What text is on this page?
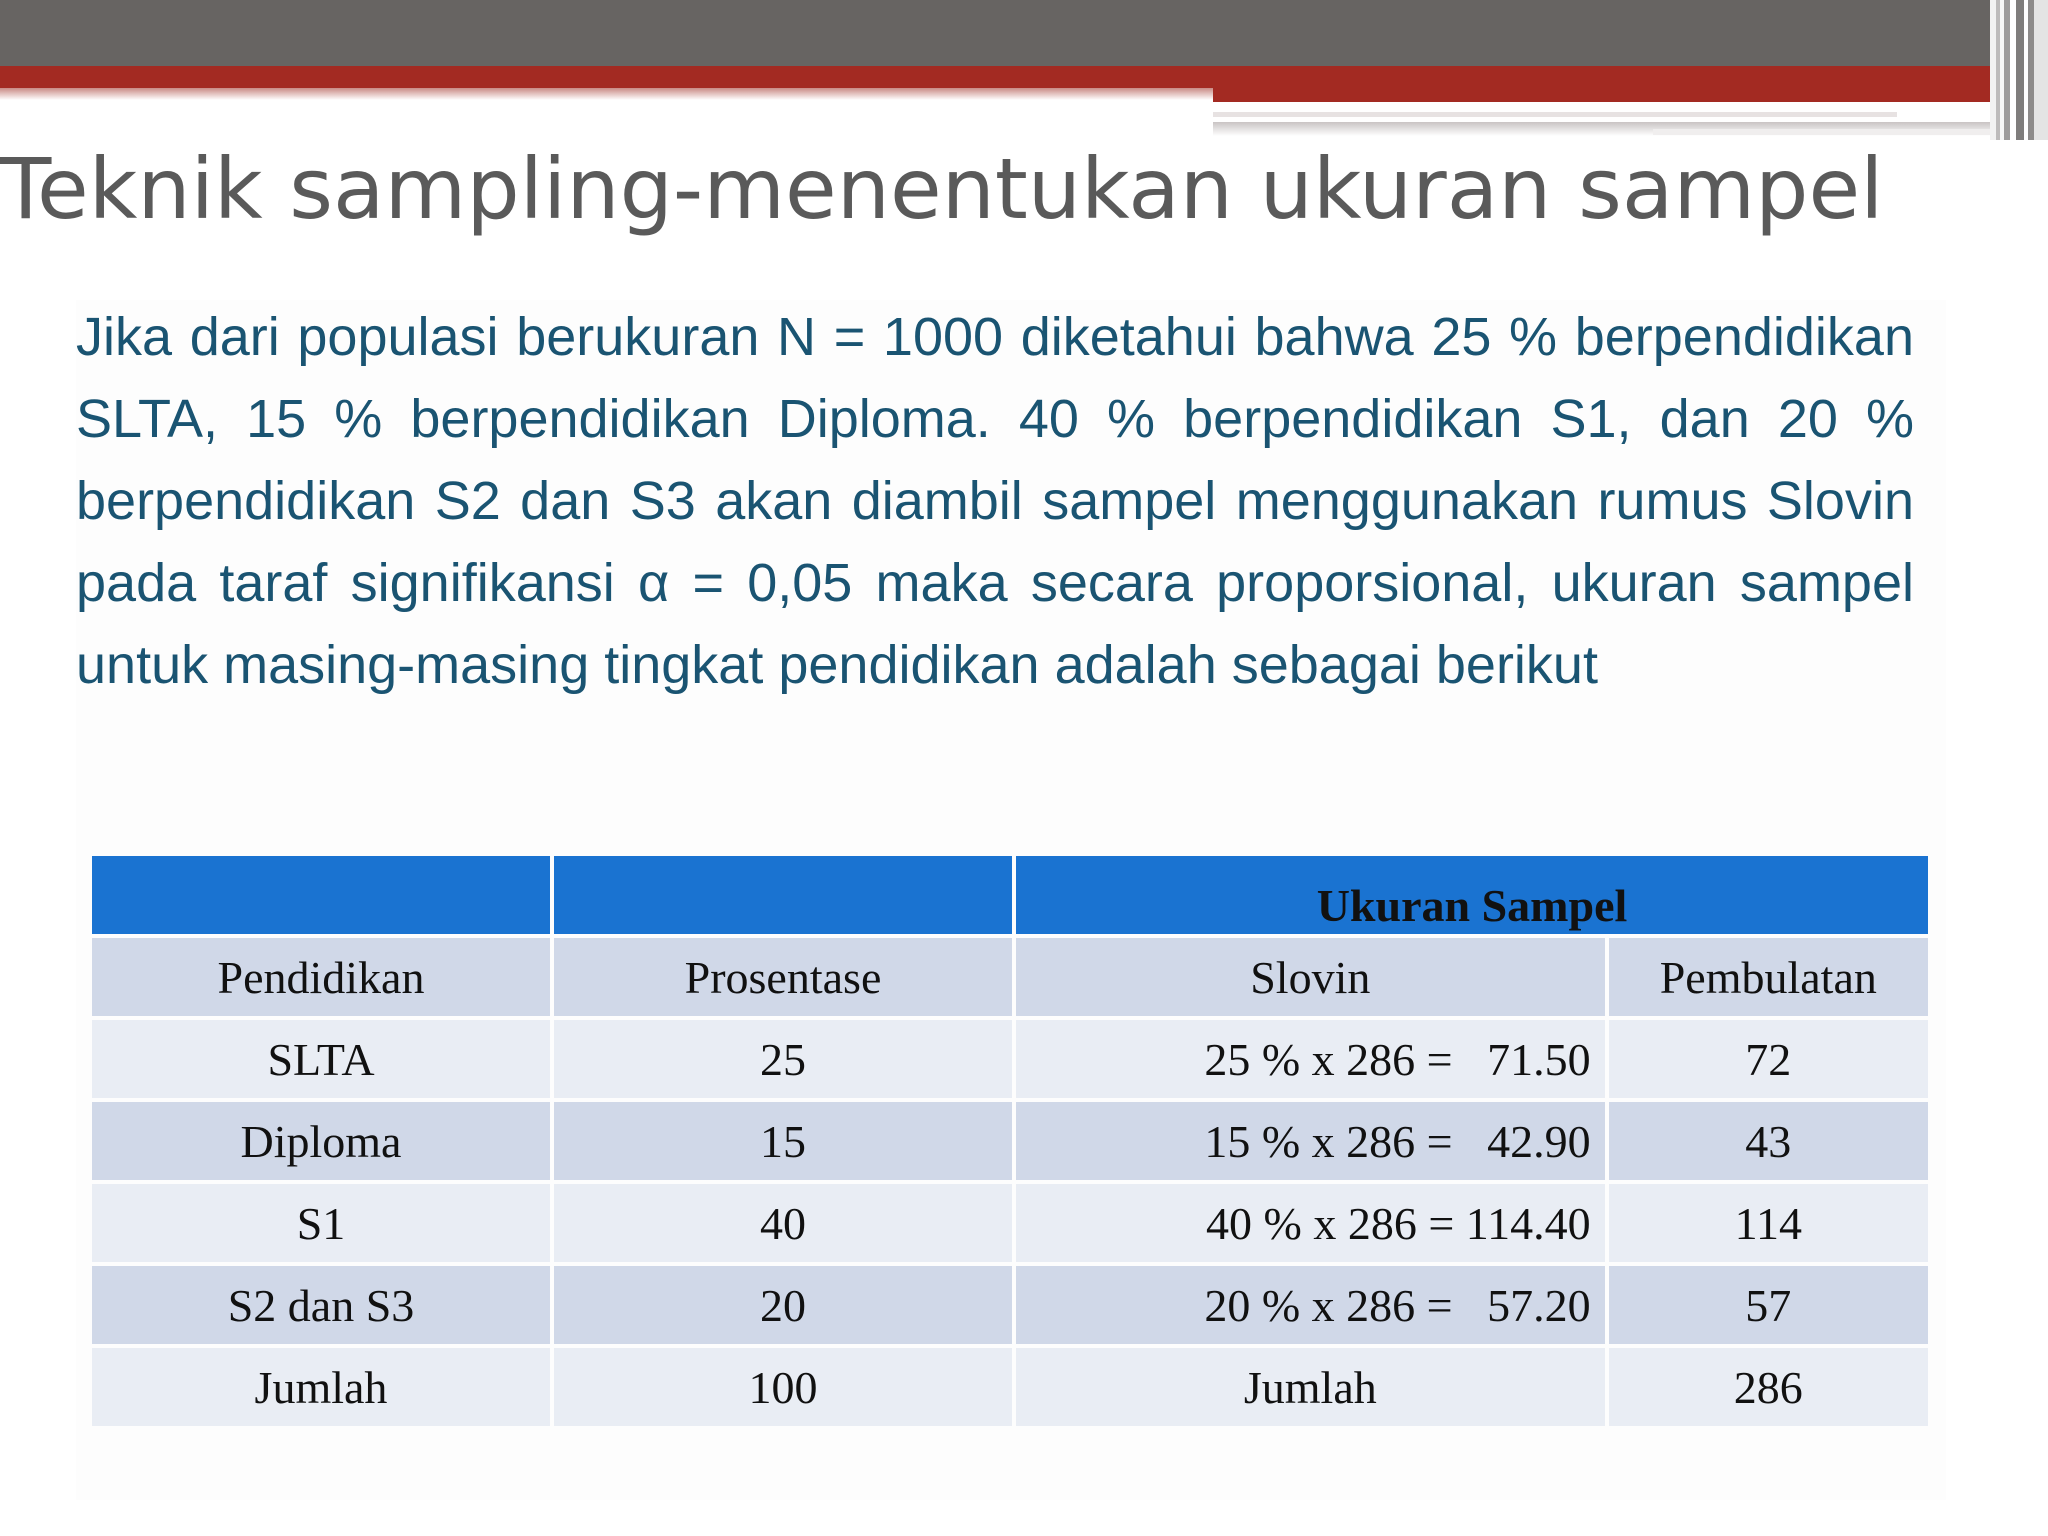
Teknik sampling-menentukan ukuran sampel
Jika dari populasi berukuran N = 1000 diketahui bahwa 25 % berpendidikan SLTA, 15 % berpendidikan Diploma. 40 % berpendidikan S1, dan 20 % berpendidikan S2 dan S3 akan diambil sampel menggunakan rumus Slovin pada taraf signifikansi α = 0,05 maka secara proporsional, ukuran sampel untuk masing-masing tingkat pendidikan adalah sebagai berikut
		Ukuran Sampel	
Pendidikan	Prosentase	Slovin	Pembulatan
SLTA	25	25 % x 286 =   71.50	72
Diploma	15	15 % x 286 =   42.90	43
S1	40	40 % x 286 = 114.40	114
S2 dan S3	20	20 % x 286 =   57.20	57
Jumlah	100	Jumlah	286
